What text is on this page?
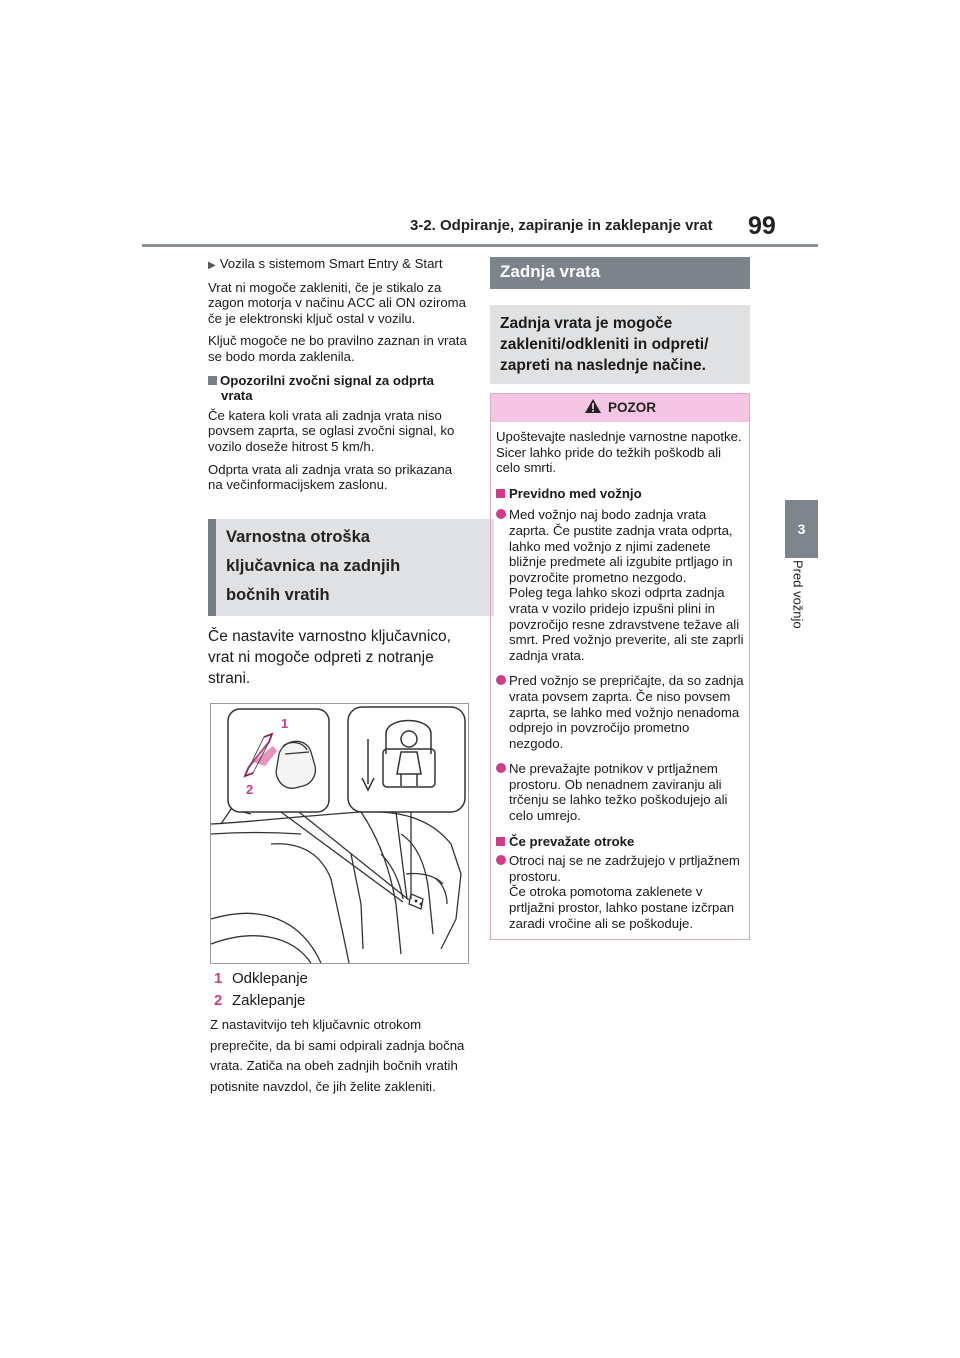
3-2. Odpiranje, zapiranje in zaklepanje vrat 99
3
Pred vožnjo

▶ Vozila s sistemom Smart Entry & Start

Vrat ni mogoče zakleniti, če je stikalo za zagon motorja v načinu ACC ali ON oziroma če je elektronski ključ ostal v vozilu.

Ključ mogoče ne bo pravilno zaznan in vrata se bodo morda zaklenila.

Opozorilni zvočni signal za odprta
vrata

Če katera koli vrata ali zadnja vrata niso povsem zaprta, se oglasi zvočni signal, ko vozilo doseže hitrost 5 km/h.

Odprta vrata ali zadnja vrata so prikazana na večinformacijskem zaslonu.

Varnostna otroška
ključavnica na zadnjih
bočnih vratih

Če nastavite varnostno ključavnico, vrat ni mogoče odpreti z notranje strani.

1
2
1 Odklepanje
2 Zaklepanje
Z nastavitvijo teh ključavnic otrokom preprečite, da bi sami odpirali zadnja bočna vrata. Zatiča na obeh zadnjih bočnih vratih potisnite navzdol, če jih želite zakleniti.
Zadnja vrata
Zadnja vrata je mogoče zakleniti/odkleniti in odpreti/ zapreti na naslednje načine.
POZOR

Upoštevajte naslednje varnostne napotke.
Sicer lahko pride do težkih poškodb ali celo smrti.

Previdno med vožnjo
Med vožnjo naj bodo zadnja vrata zaprta. Če pustite zadnja vrata odprta, lahko med vožnjo z njimi zadenete bližnje predmete ali izgubite prtljago in povzročite prometno nezgodo.
Poleg tega lahko skozi odprta zadnja vrata v vozilo pridejo izpušni plini in povzročijo resne zdravstvene težave ali smrt. Pred vožnjo preverite, ali ste zaprli zadnja vrata.
Pred vožnjo se prepričajte, da so zadnja vrata povsem zaprta. Če niso povsem zaprta, se lahko med vožnjo nenadoma odprejo in povzročijo prometno nezgodo.
Ne prevažajte potnikov v prtljažnem prostoru. Ob nenadnem zaviranju ali trčenju se lahko težko poškodujejo ali celo umrejo.
Če prevažate otroke
Otroci naj se ne zadržujejo v prtljažnem prostoru.
Če otroka pomotoma zaklenete v prtljažni prostor, lahko postane izčrpan zaradi vročine ali se poškoduje.
